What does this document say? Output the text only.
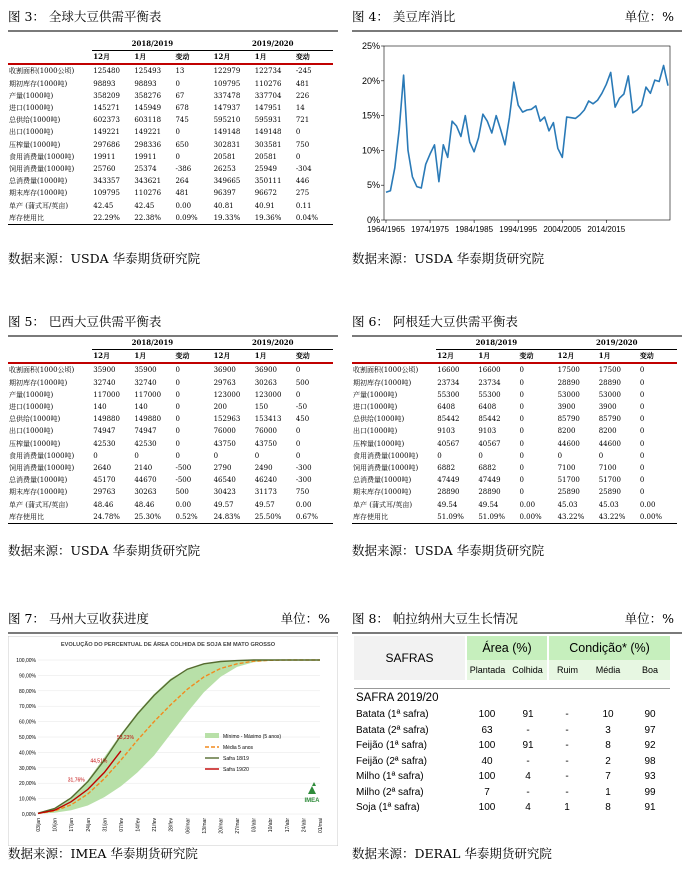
图 3： 全球大豆供需平衡表
	2018/2019			2019/2020		
	12月	1月	变动	12月	1月	变动
收割面积(1000公顷)	125480	125493	13	122979	122734	-245
期初库存(1000吨)	98893	98893	0	109795	110276	481
产量(1000吨)	358209	358276	67	337478	337704	226
进口(1000吨)	145271	145949	678	147937	147951	14
总供给(1000吨)	602373	603118	745	595210	595931	721
出口(1000吨)	149221	149221	0	149148	149148	0
压榨量(1000吨)	297686	298336	650	302831	303581	750
食用消费量(1000吨)	19911	19911	0	20581	20581	0
饲用消费量(1000吨)	25760	25374	-386	26253	25949	-304
总消费量(1000吨)	343357	343621	264	349665	350111	446
期末库存(1000吨)	109795	110276	481	96397	96672	275
单产 (蒲式耳/英亩)	42.45	42.45	0.00	40.81	40.91	0.11
库存使用比	22.29%	22.38%	0.09%	19.33%	19.36%	0.04%
数据来源：USDA 华泰期货研究院
图 4： 美豆库消比	单位：%
0%
5%
10%
15%
20%
25%
1964/1965 1974/1975 1984/1985 1994/1995 2004/2005 2014/2015
数据来源：USDA 华泰期货研究院
图 5： 巴西大豆供需平衡表
	2018/2019			2019/2020		
	12月	1月	变动	12月	1月	变动
收割面积(1000公顷)	35900	35900	0	36900	36900	0
期初库存(1000吨)	32740	32740	0	29763	30263	500
产量(1000吨)	117000	117000	0	123000	123000	0
进口(1000吨)	140	140	0	200	150	-50
总供给(1000吨)	149880	149880	0	152963	153413	450
出口(1000吨)	74947	74947	0	76000	76000	0
压榨量(1000吨)	42530	42530	0	43750	43750	0
食用消费量(1000吨)	0	0	0	0	0	0
饲用消费量(1000吨)	2640	2140	-500	2790	2490	-300
总消费量(1000吨)	45170	44670	-500	46540	46240	-300
期末库存(1000吨)	29763	30263	500	30423	31173	750
单产 (蒲式耳/英亩)	48.46	48.46	0.00	49.57	49.57	0.00
库存使用比	24.78%	25.30%	0.52%	24.83%	25.50%	0.67%
数据来源：USDA 华泰期货研究院
图 6： 阿根廷大豆供需平衡表
	2018/2019			2019/2020		
	12月	1月	变动	12月	1月	变动
收割面积(1000公顷)	16600	16600	0	17500	17500	0
期初库存(1000吨)	23734	23734	0	28890	28890	0
产量(1000吨)	55300	55300	0	53000	53000	0
进口(1000吨)	6408	6408	0	3900	3900	0
总供给(1000吨)	85442	85442	0	85790	85790	0
出口(1000吨)	9103	9103	0	8200	8200	0
压榨量(1000吨)	40567	40567	0	44600	44600	0
食用消费量(1000吨)	0	0	0	0	0	0
饲用消费量(1000吨)	6882	6882	0	7100	7100	0
总消费量(1000吨)	47449	47449	0	51700	51700	0
期末库存(1000吨)	28890	28890	0	25890	25890	0
单产 (蒲式耳/英亩)	49.54	49.54	0.00	45.03	45.03	0.00
库存使用比	51.09%	51.09%	0.00%	43.22%	43.22%	0.00%
数据来源：USDA 华泰期货研究院
图 7： 马州大豆收获进度	单位：%
EVOLUÇÃO DO PERCENTUAL DE ÁREA COLHIDA DE SOJA EM MATO GROSSO
0,00%
10,00%
20,00%
30,00%
40,00%
50,00%
60,00%
70,00%
80,00%
90,00%
100,00%
03/jan 10/jan 17/jan 24/jan 31/jan 07/fev 14/fev 21/fev 28/fev 06/mar 13/mar 20/mar 27/mar 03/abr 10/abr 17/abr 24/abr 01/mai
31,76%
44,51%
53,23%	Mínimo - Máximo (5 anos)
Média 5 anos
Safra 18/19
Safra 19/20
IMEA
数据来源：IMEA 华泰期货研究院
图 8： 帕拉纳州大豆生长情况	单位：%
SAFRAS	Área (%)		Condição* (%)		
	Plantada	Colhida	Ruim	Média	Boa

SAFRA 2019/20					
Batata (1ª safra)	100	91	-	10	90
Batata (2ª safra)	63	-	-	3	97
Feijão (1ª safra)	100	91	-	8	92
Feijão (2ª safra)	40	-	-	2	98
Milho (1ª safra)	100	4	-	7	93
Milho (2ª safra)	7	-	-	1	99
Soja (1ª safra)	100	4	1	8	91
数据来源：DERAL 华泰期货研究院
